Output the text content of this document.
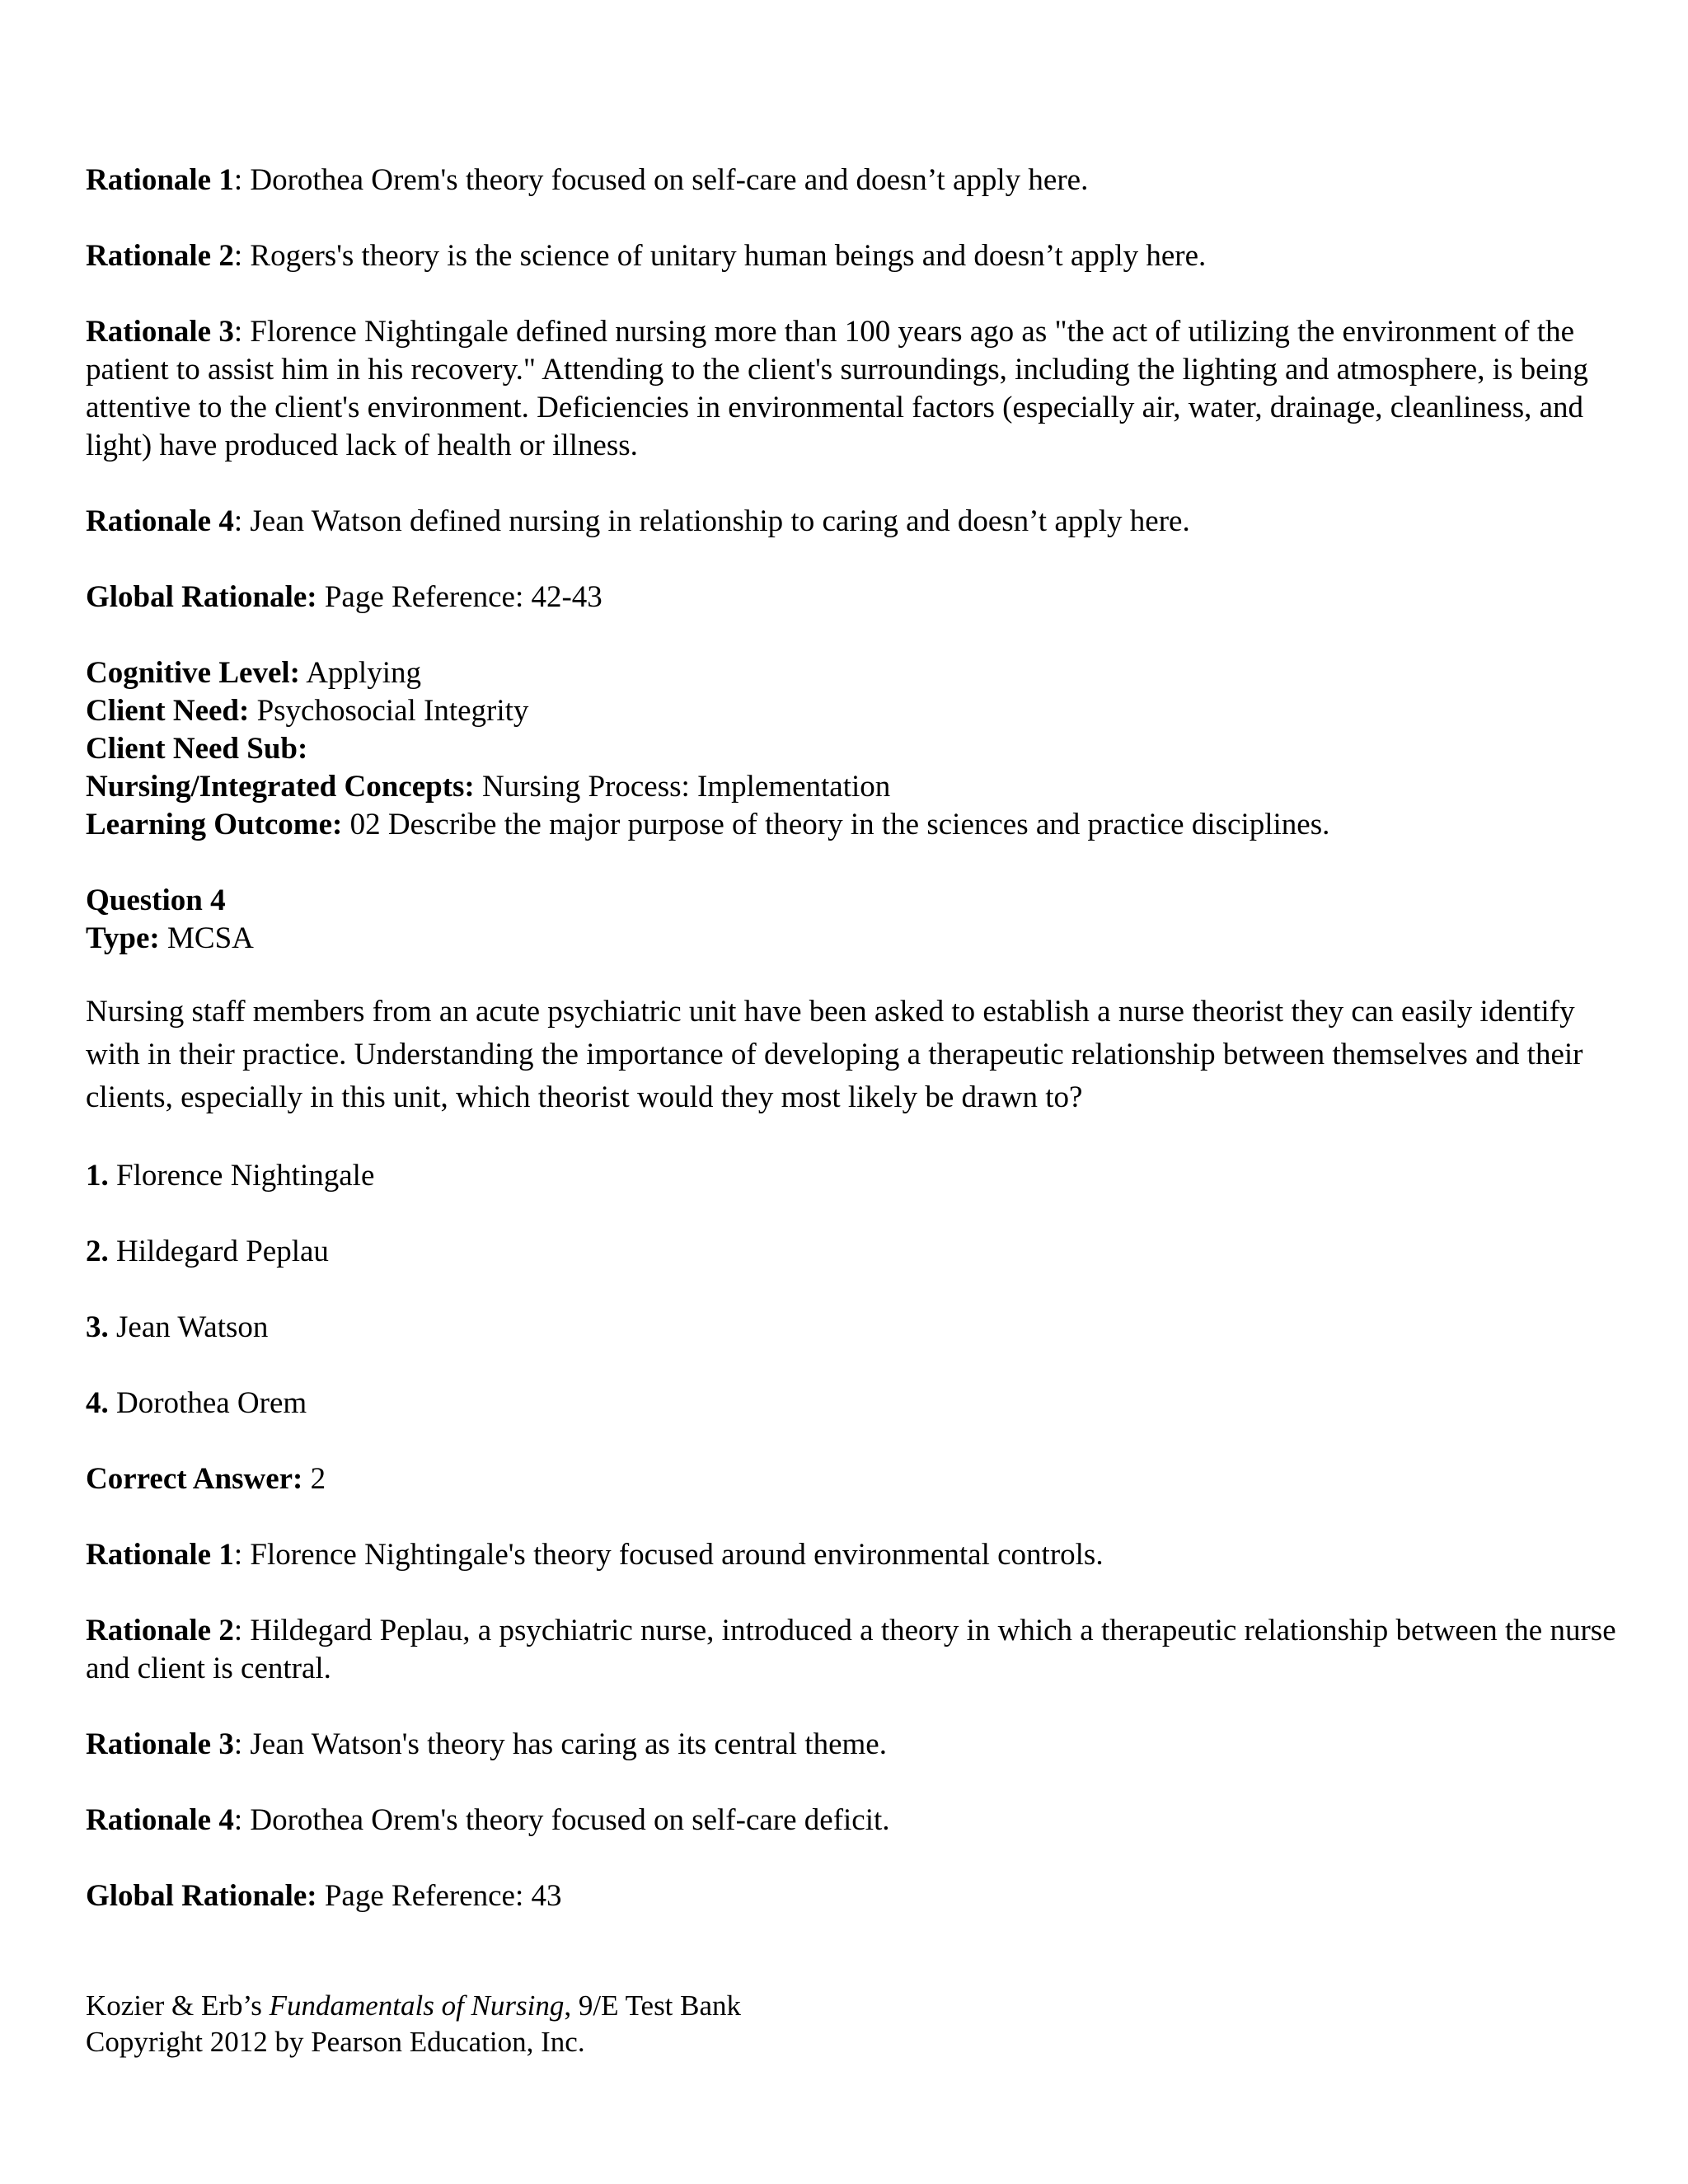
Rationale 1: Dorothea Orem's theory focused on self-care and doesn’t apply here.

Rationale 2: Rogers's theory is the science of unitary human beings and doesn’t apply here.

Rationale 3: Florence Nightingale defined nursing more than 100 years ago as "the act of utilizing the environment of the patient to assist him in his recovery." Attending to the client's surroundings, including the lighting and atmosphere, is being attentive to the client's environment. Deficiencies in environmental factors (especially air, water, drainage, cleanliness, and light) have produced lack of health or illness.

Rationale 4: Jean Watson defined nursing in relationship to caring and doesn’t apply here.

Global Rationale: Page Reference: 42-43

Cognitive Level: Applying

Client Need: Psychosocial Integrity

Client Need Sub:

Nursing/Integrated Concepts: Nursing Process: Implementation

Learning Outcome: 02 Describe the major purpose of theory in the sciences and practice disciplines.

Question 4

Type: MCSA

Nursing staff members from an acute psychiatric unit have been asked to establish a nurse theorist they can easily identify with in their practice. Understanding the importance of developing a therapeutic relationship between themselves and their clients, especially in this unit, which theorist would they most likely be drawn to?

1. Florence Nightingale

2. Hildegard Peplau

3. Jean Watson

4. Dorothea Orem

Correct Answer: 2

Rationale 1: Florence Nightingale's theory focused around environmental controls.

Rationale 2: Hildegard Peplau, a psychiatric nurse, introduced a theory in which a therapeutic relationship between the nurse and client is central.

Rationale 3: Jean Watson's theory has caring as its central theme.

Rationale 4: Dorothea Orem's theory focused on self-care deficit.

Global Rationale: Page Reference: 43

Kozier & Erb’s Fundamentals of Nursing, 9/E Test Bank

Copyright 2012 by Pearson Education, Inc.
